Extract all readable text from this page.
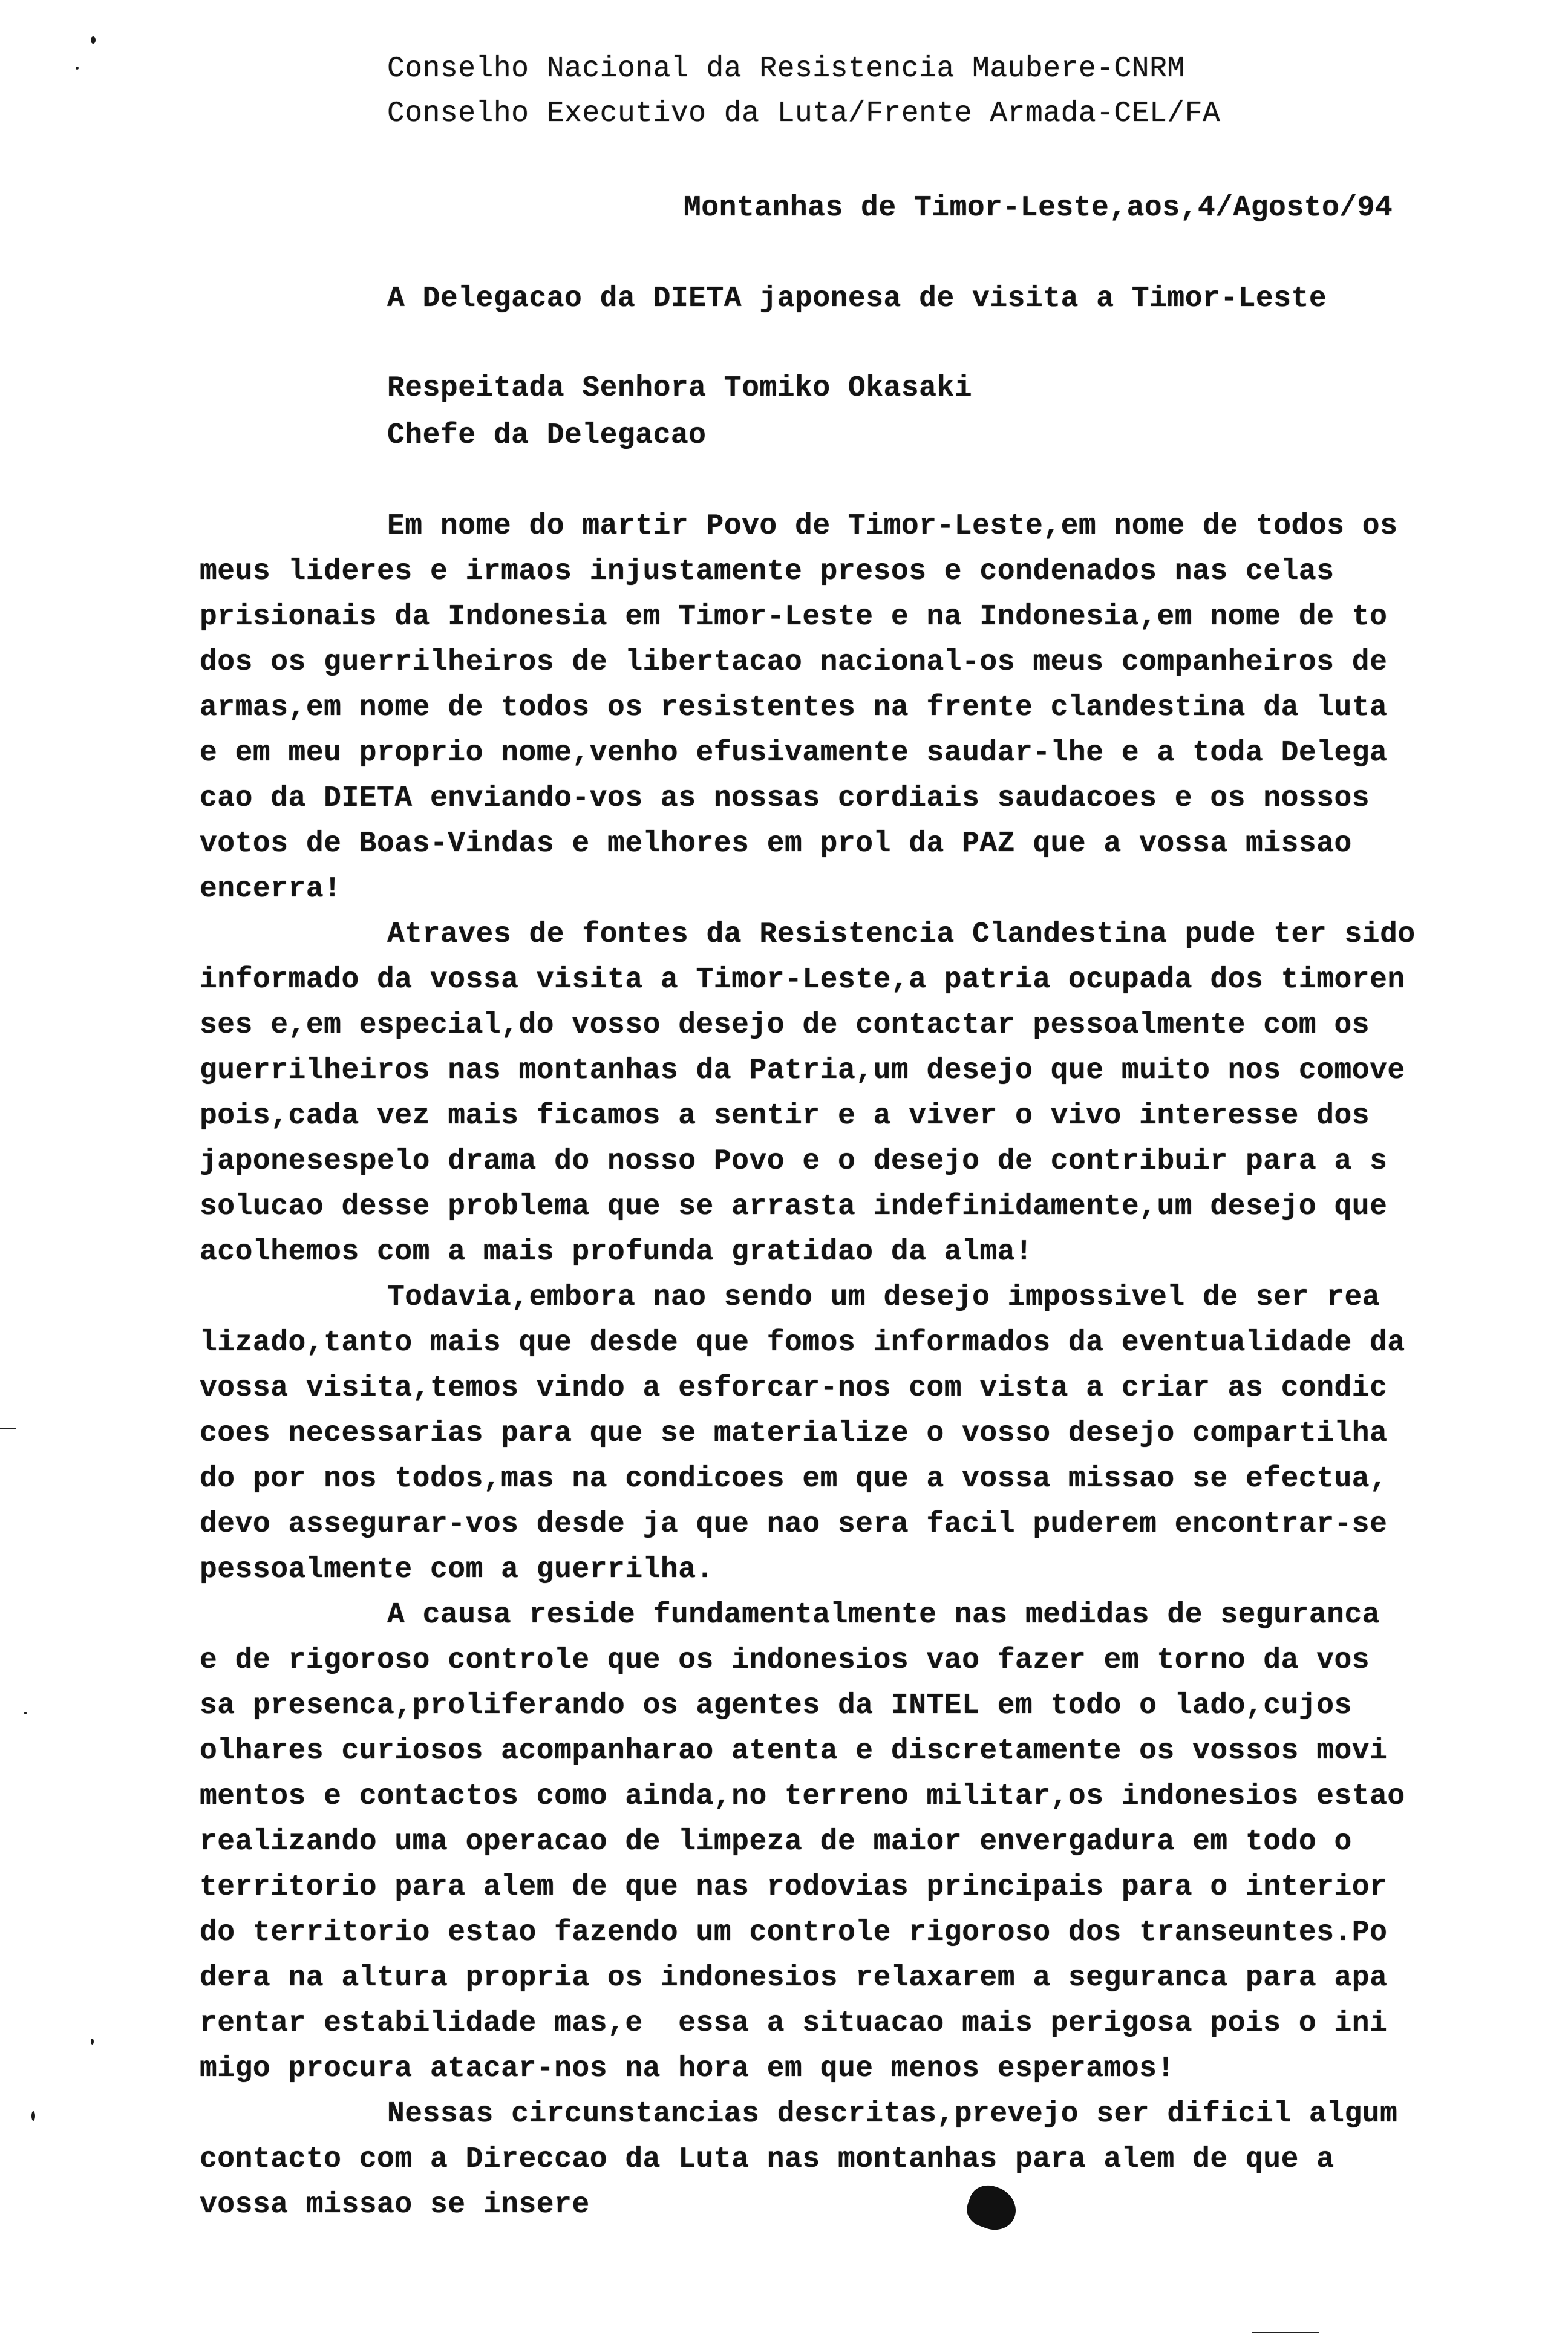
Conselho Nacional da Resistencia Maubere-CNRM
Conselho Executivo da Luta/Frente Armada-CEL/FA
Montanhas de Timor-Leste,aos,4/Agosto/94
A Delegacao da DIETA japonesa de visita a Timor-Leste
Respeitada Senhora Tomiko Okasaki
Chefe da Delegacao
Em nome do martir Povo de Timor-Leste,em nome de todos os
meus lideres e irmaos injustamente presos e condenados nas celas
prisionais da Indonesia em Timor-Leste e na Indonesia,em nome de to
dos os guerrilheiros de libertacao nacional-os meus companheiros de
armas,em nome de todos os resistentes na frente clandestina da luta
e em meu proprio nome,venho efusivamente saudar-lhe e a toda Delega
cao da DIETA enviando-vos as nossas cordiais saudacoes e os nossos
votos de Boas-Vindas e melhores em prol da PAZ que a vossa missao
encerra!
Atraves de fontes da Resistencia Clandestina pude ter sido
informado da vossa visita a Timor-Leste,a patria ocupada dos timoren
ses e,em especial,do vosso desejo de contactar pessoalmente com os
guerrilheiros nas montanhas da Patria,um desejo que muito nos comove
pois,cada vez mais ficamos a sentir e a viver o vivo interesse dos
japonesespelo drama do nosso Povo e o desejo de contribuir para a s
solucao desse problema que se arrasta indefinidamente,um desejo que
acolhemos com a mais profunda gratidao da alma!
Todavia,embora nao sendo um desejo impossivel de ser rea
lizado,tanto mais que desde que fomos informados da eventualidade da
vossa visita,temos vindo a esforcar-nos com vista a criar as condic
coes necessarias para que se materialize o vosso desejo compartilha
do por nos todos,mas na condicoes em que a vossa missao se efectua,
devo assegurar-vos desde ja que nao sera facil puderem encontrar-se
pessoalmente com a guerrilha.
A causa reside fundamentalmente nas medidas de seguranca
e de rigoroso controle que os indonesios vao fazer em torno da vos
sa presenca,proliferando os agentes da INTEL em todo o lado,cujos
olhares curiosos acompanharao atenta e discretamente os vossos movi
mentos e contactos como ainda,no terreno militar,os indonesios estao
realizando uma operacao de limpeza de maior envergadura em todo o
territorio para alem de que nas rodovias principais para o interior
do territorio estao fazendo um controle rigoroso dos transeuntes.Po
dera na altura propria os indonesios relaxarem a seguranca para apa
rentar estabilidade mas,e  essa a situacao mais perigosa pois o ini
migo procura atacar-nos na hora em que menos esperamos!
Nessas circunstancias descritas,prevejo ser dificil algum
contacto com a Direccao da Luta nas montanhas para alem de que a
vossa missao se insere
